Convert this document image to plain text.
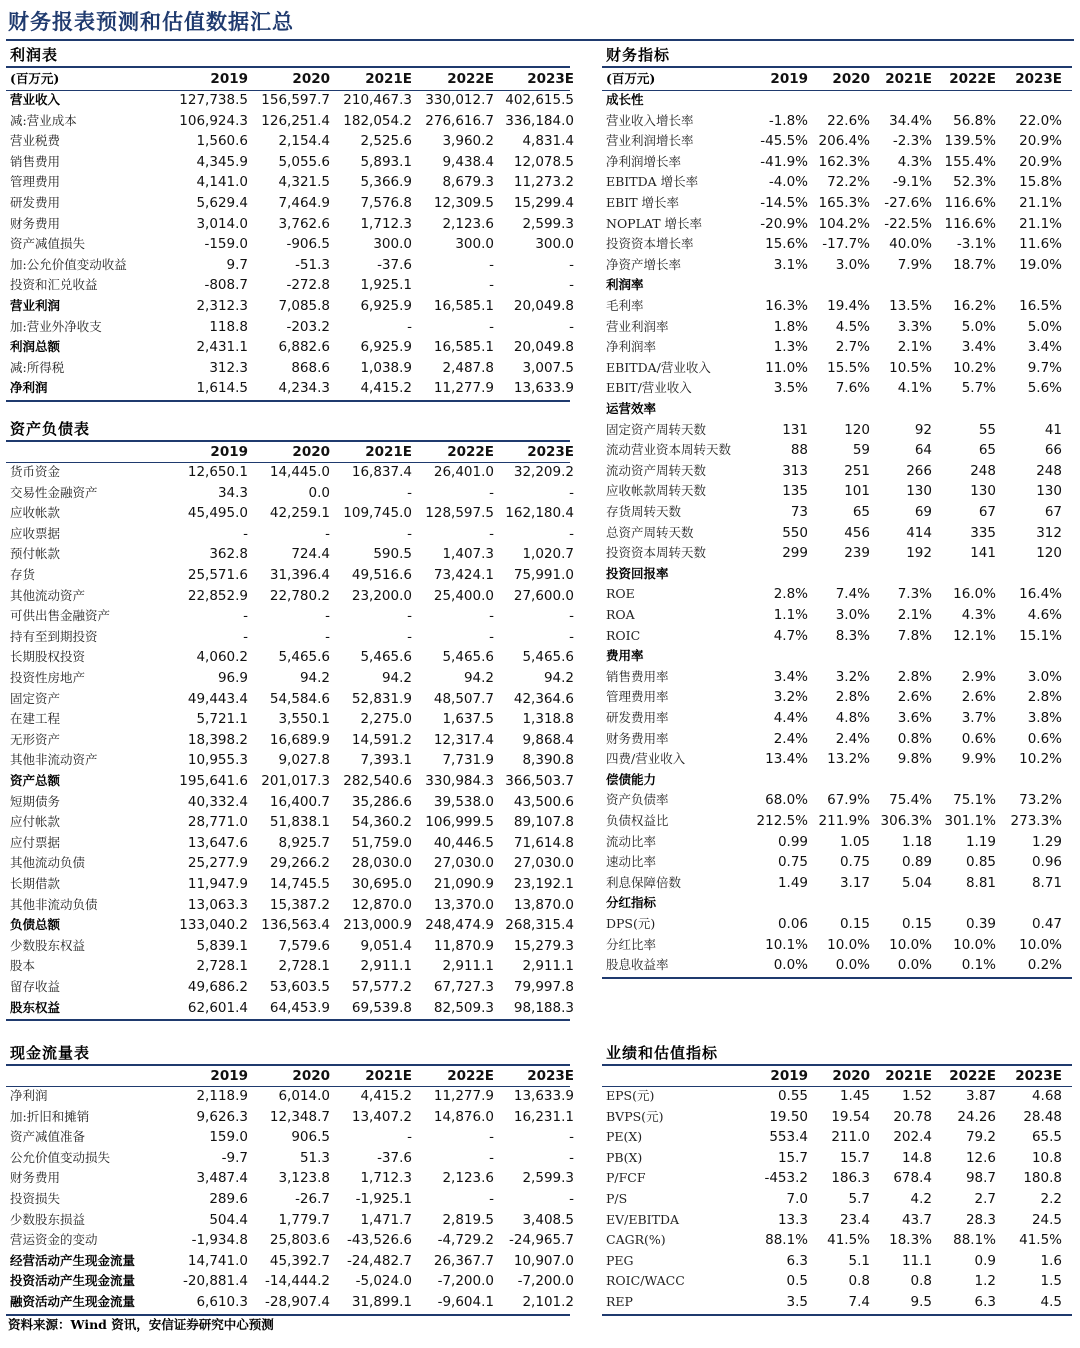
财务报表预测和估值数据汇总
利润表
(百万元)	2019	2020	2021E	2022E 2023E
营业收入	127,738.5 156,597.7 210,467.3 330,012.7 402,615.5
减:营业成本	106,924.3 126,251.4 182,054.2 276,616.7 336,184.0
营业税费	1,560.6 2,154.4 2,525.6 3,960.2 4,831.4
销售费用	4,345.9 5,055.6 5,893.1 9,438.4 12,078.5
管理费用	4,141.0 4,321.5 5,366.9 8,679.3 11,273.2
研发费用	5,629.4 7,464.9 7,576.8 12,309.5 15,299.4
财务费用	3,014.0 3,762.6 1,712.3 2,123.6 2,599.3
资产减值损失	-159.0	-906.5	300.0	300.0	300.0
加:公允价值变动收益	9.7	-51.3	-37.6	-	-
投资和汇兑收益	-808.7	-272.8 1,925.1	-	-
营业利润	2,312.3 7,085.8 6,925.9 16,585.1 20,049.8
加:营业外净收支	118.8	-203.2	-	-	-
利润总额	2,431.1 6,882.6 6,925.9 16,585.1 20,049.8
减:所得税	312.3	868.6 1,038.9 2,487.8 3,007.5
净利润	1,614.5 4,234.3 4,415.2 11,277.9 13,633.9
资产负债表
2019	2020	2021E	2022E 2023E
货币资金	12,650.1 14,445.0 16,837.4 26,401.0 32,209.2
交易性金融资产	34.3	0.0	-	-	-
应收帐款	45,495.0 42,259.1 109,745.0 128,597.5 162,180.4
应收票据	-	-	-	-	-
预付帐款	362.8	724.4	590.5 1,407.3 1,020.7
存货	25,571.6 31,396.4 49,516.6 73,424.1 75,991.0
其他流动资产	22,852.9 22,780.2 23,200.0 25,400.0 27,600.0
可供出售金融资产	-	-	-	-	-
持有至到期投资	-	-	-	-	-
长期股权投资	4,060.2 5,465.6 5,465.6 5,465.6 5,465.6
投资性房地产	96.9	94.2	94.2	94.2	94.2
固定资产	49,443.4 54,584.6 52,831.9 48,507.7 42,364.6
在建工程	5,721.1 3,550.1 2,275.0 1,637.5 1,318.8
无形资产	18,398.2 16,689.9 14,591.2 12,317.4 9,868.4
其他非流动资产	10,955.3 9,027.8 7,393.1 7,731.9 8,390.8
资产总额	195,641.6 201,017.3 282,540.6 330,984.3 366,503.7
短期债务	40,332.4 16,400.7 35,286.6 39,538.0 43,500.6
应付帐款	28,771.0 51,838.1 54,360.2 106,999.5 89,107.8
应付票据	13,647.6 8,925.7 51,759.0 40,446.5 71,614.8
其他流动负债	25,277.9 29,266.2 28,030.0 27,030.0 27,030.0
长期借款	11,947.9 14,745.5 30,695.0 21,090.9 23,192.1
其他非流动负债	13,063.3 15,387.2 12,870.0 13,370.0 13,870.0
负债总额	133,040.2 136,563.4 213,000.9 248,474.9 268,315.4
少数股东权益	5,839.1 7,579.6 9,051.4 11,870.9 15,279.3
股本	2,728.1 2,728.1 2,911.1 2,911.1 2,911.1
留存收益	49,686.2 53,603.5 57,577.2 67,727.3 79,997.8
股东权益	62,601.4 64,453.9 69,539.8 82,509.3 98,188.3
现金流量表
2019	2020	2021E	2022E 2023E
净利润	2,118.9 6,014.0 4,415.2 11,277.9 13,633.9
加:折旧和摊销	9,626.3 12,348.7 13,407.2 14,876.0 16,231.1
资产减值准备	159.0	906.5	-	-	-
公允价值变动损失	-9.7	51.3	-37.6	-	-
财务费用	3,487.4 3,123.8 1,712.3 2,123.6 2,599.3
投资损失	289.6	-26.7 -1,925.1	-	-
少数股东损益	504.4 1,779.7 1,471.7 2,819.5 3,408.5
营运资金的变动	-1,934.8 25,803.6 -43,526.6 -4,729.2 -24,965.7
经营活动产生现金流量	14,741.0 45,392.7 -24,482.7 26,367.7 10,907.0
投资活动产生现金流量	-20,881.4 -14,444.2 -5,024.0 -7,200.0 -7,200.0
融资活动产生现金流量	6,610.3 -28,907.4 31,899.1 -9,604.1 2,101.2
财务指标
(百万元)	2019 2020 2021E 2022E 2023E
成长性
营业收入增长率	-1.8% 22.6% 34.4% 56.8% 22.0%
营业利润增长率	-45.5% 206.4% -2.3% 139.5% 20.9%
净利润增长率	-41.9% 162.3% 4.3% 155.4% 20.9%
EBITDA 增长率	-4.0% 72.2% -9.1% 52.3% 15.8%
EBIT 增长率	-14.5% 165.3% -27.6% 116.6% 21.1%
NOPLAT 增长率	-20.9% 104.2% -22.5% 116.6% 21.1%
投资资本增长率	15.6% -17.7% 40.0% -3.1% 11.6%
净资产增长率	3.1% 3.0% 7.9% 18.7% 19.0%
利润率
毛利率	16.3% 19.4% 13.5% 16.2% 16.5%
营业利润率	1.8% 4.5% 3.3% 5.0% 5.0%
净利润率	1.3% 2.7% 2.1% 3.4% 3.4%
EBITDA/营业收入	11.0% 15.5% 10.5% 10.2% 9.7%
EBIT/营业收入	3.5% 7.6% 4.1% 5.7% 5.6%
运营效率
固定资产周转天数	131	120	92	55	41
流动营业资本周转天数	88	59	64	65	66
流动资产周转天数	313	251	266	248	248
应收帐款周转天数	135	101	130	130	130
存货周转天数	73	65	69	67	67
总资产周转天数	550	456	414	335	312
投资资本周转天数	299	239	192	141	120
投资回报率
ROE	2.8% 7.4% 7.3% 16.0% 16.4%
ROA	1.1% 3.0% 2.1% 4.3% 4.6%
ROIC	4.7% 8.3% 7.8% 12.1% 15.1%
费用率
销售费用率	3.4% 3.2% 2.8% 2.9% 3.0%
管理费用率	3.2% 2.8% 2.6% 2.6% 2.8%
研发费用率	4.4% 4.8% 3.6% 3.7% 3.8%
财务费用率	2.4% 2.4% 0.8% 0.6% 0.6%
四费/营业收入	13.4% 13.2% 9.8% 9.9% 10.2%
偿债能力
资产负债率	68.0% 67.9% 75.4% 75.1% 73.2%
负债权益比	212.5% 211.9% 306.3% 301.1% 273.3%
流动比率	0.99 1.05 1.18	1.19	1.29
速动比率	0.75 0.75 0.89	0.85	0.96
利息保障倍数	1.49 3.17 5.04	8.81	8.71
分红指标
DPS(元)	0.06 0.15 0.15	0.39	0.47
分红比率	10.1% 10.0% 10.0% 10.0% 10.0%
股息收益率	0.0% 0.0% 0.0% 0.1% 0.2%
业绩和估值指标
2019 2020 2021E 2022E 2023E
EPS(元)	0.55 1.45 1.52	3.87	4.68
BVPS(元)	19.50 19.54 20.78 24.26 28.48
PE(X)	553.4 211.0 202.4	79.2	65.5
PB(X)	15.7 15.7 14.8	12.6	10.8
P/FCF	-453.2 186.3 678.4	98.7 180.8
P/S	7.0	5.7	4.2	2.7	2.2
EV/EBITDA	13.3 23.4 43.7	28.3	24.5
CAGR(%)	88.1% 41.5% 18.3% 88.1% 41.5%
PEG	6.3	5.1 11.1	0.9	1.6
ROIC/WACC	0.5	0.8	0.8	1.2	1.5
REP	3.5	7.4	9.5	6.3	4.5
资料来源：Wind 资讯，安信证券研究中心预测
